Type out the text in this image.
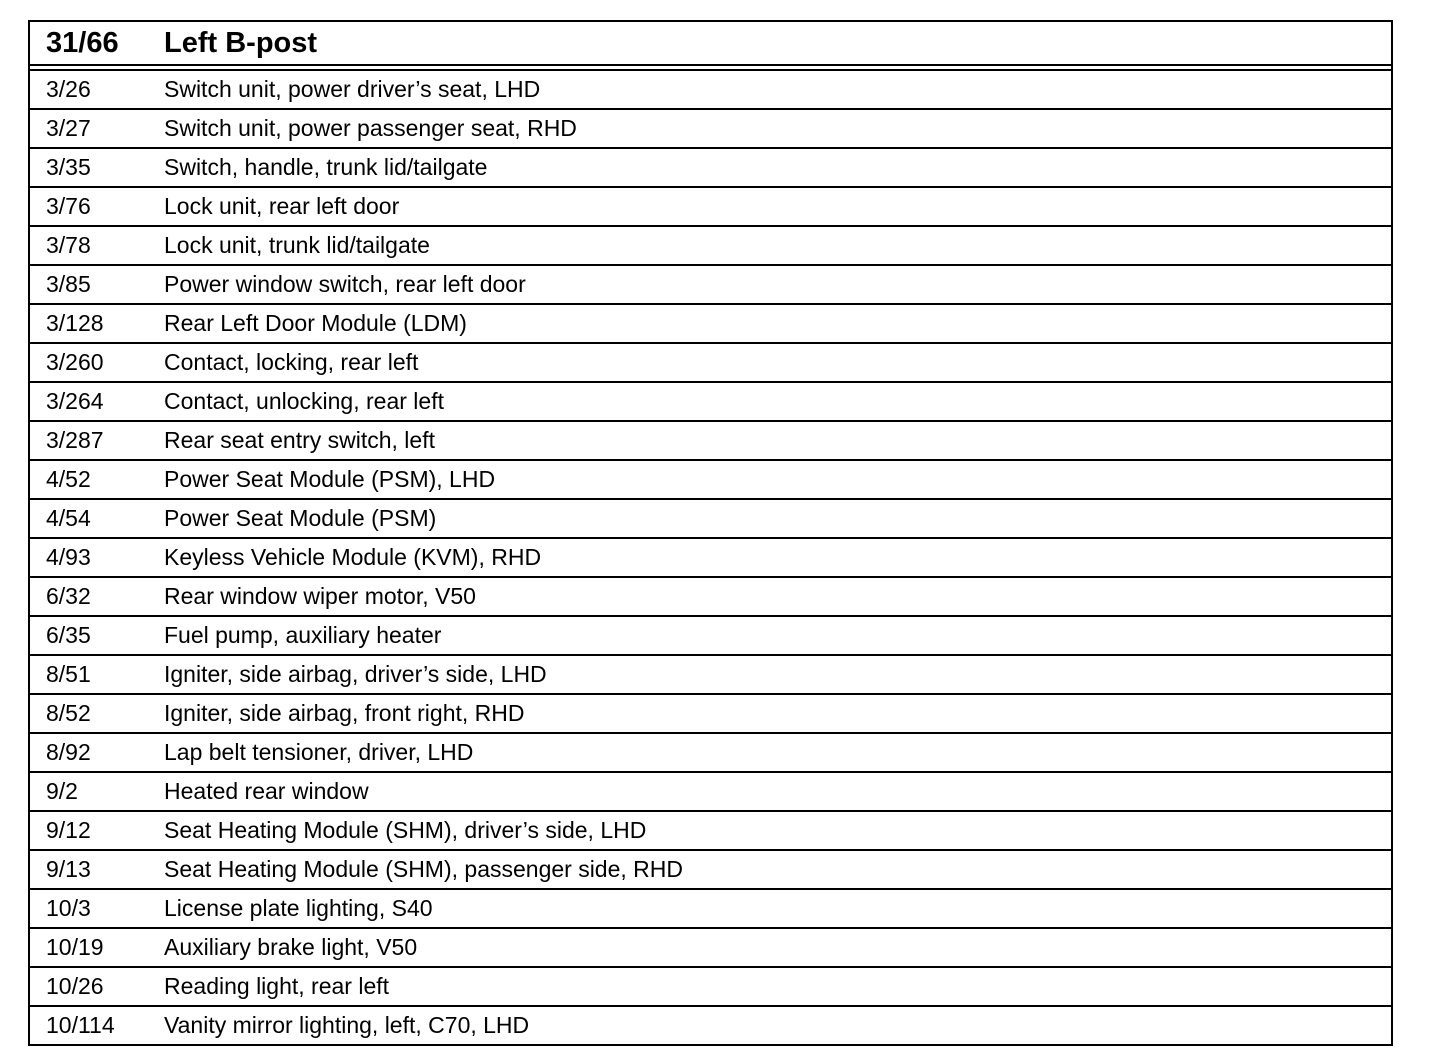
31/66	Left B-post
3/26	Switch unit, power driver’s seat, LHD
3/27	Switch unit, power passenger seat, RHD
3/35	Switch, handle, trunk lid/tailgate
3/76	Lock unit, rear left door
3/78	Lock unit, trunk lid/tailgate
3/85	Power window switch, rear left door
3/128	Rear Left Door Module (LDM)
3/260	Contact, locking, rear left
3/264	Contact, unlocking, rear left
3/287	Rear seat entry switch, left
4/52	Power Seat Module (PSM), LHD
4/54	Power Seat Module (PSM)
4/93	Keyless Vehicle Module (KVM), RHD
6/32	Rear window wiper motor, V50
6/35	Fuel pump, auxiliary heater
8/51	Igniter, side airbag, driver’s side, LHD
8/52	Igniter, side airbag, front right, RHD
8/92	Lap belt tensioner, driver, LHD
9/2	Heated rear window
9/12	Seat Heating Module (SHM), driver’s side, LHD
9/13	Seat Heating Module (SHM), passenger side, RHD
10/3	License plate lighting, S40
10/19	Auxiliary brake light, V50
10/26	Reading light, rear left
10/114	Vanity mirror lighting, left, C70, LHD
